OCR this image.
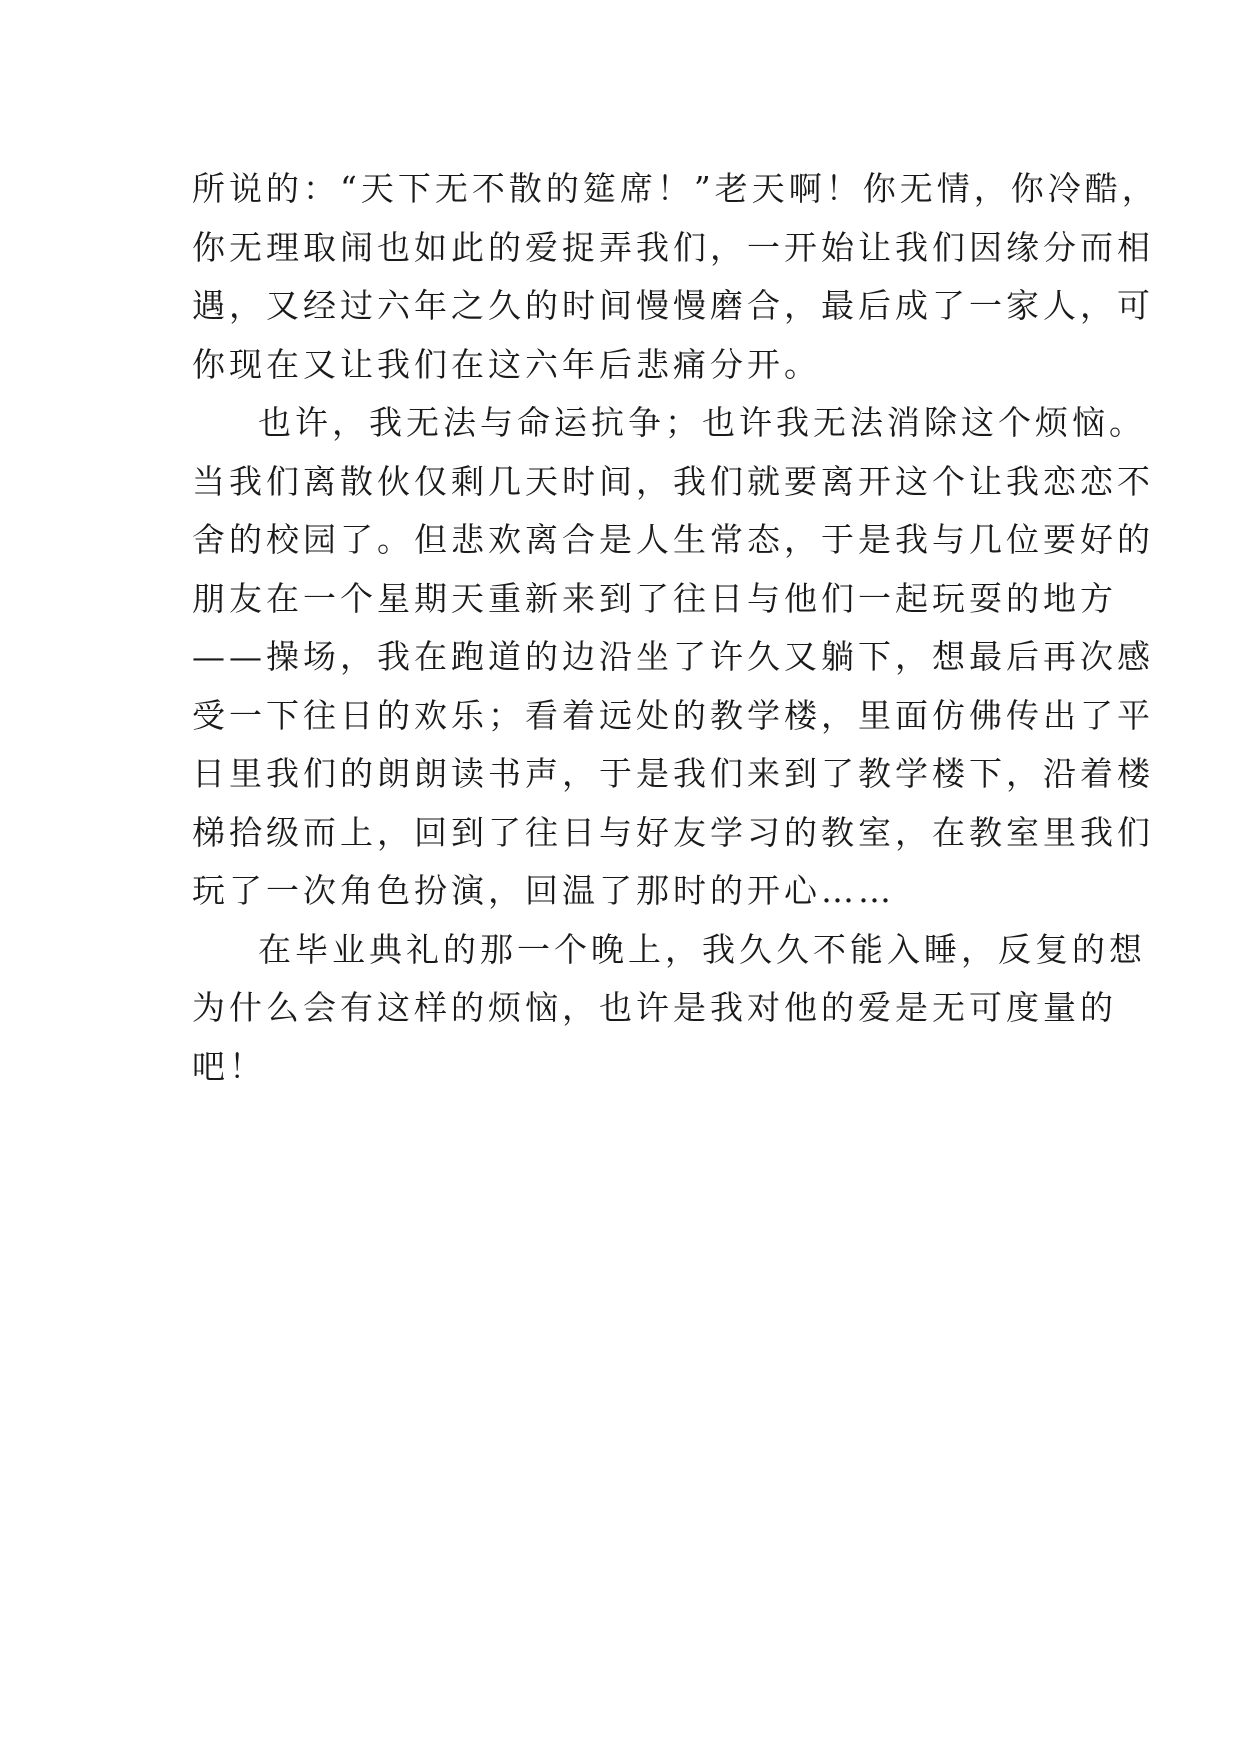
所说的：“天下无不散的筵席！”老天啊！你无情，你冷酷，
你无理取闹也如此的爱捉弄我们，一开始让我们因缘分而相
遇，又经过六年之久的时间慢慢磨合，最后成了一家人，可
你现在又让我们在这六年后悲痛分开。
也许，我无法与命运抗争；也许我无法消除这个烦恼。
当我们离散伙仅剩几天时间，我们就要离开这个让我恋恋不
舍的校园了。但悲欢离合是人生常态，于是我与几位要好的
朋友在一个星期天重新来到了往日与他们一起玩耍的地方
——操场，我在跑道的边沿坐了许久又躺下，想最后再次感
受一下往日的欢乐；看着远处的教学楼，里面仿佛传出了平
日里我们的朗朗读书声，于是我们来到了教学楼下，沿着楼
梯拾级而上，回到了往日与好友学习的教室，在教室里我们
玩了一次角色扮演，回温了那时的开心……
在毕业典礼的那一个晚上，我久久不能入睡，反复的想
为什么会有这样的烦恼，也许是我对他的爱是无可度量的
吧！
